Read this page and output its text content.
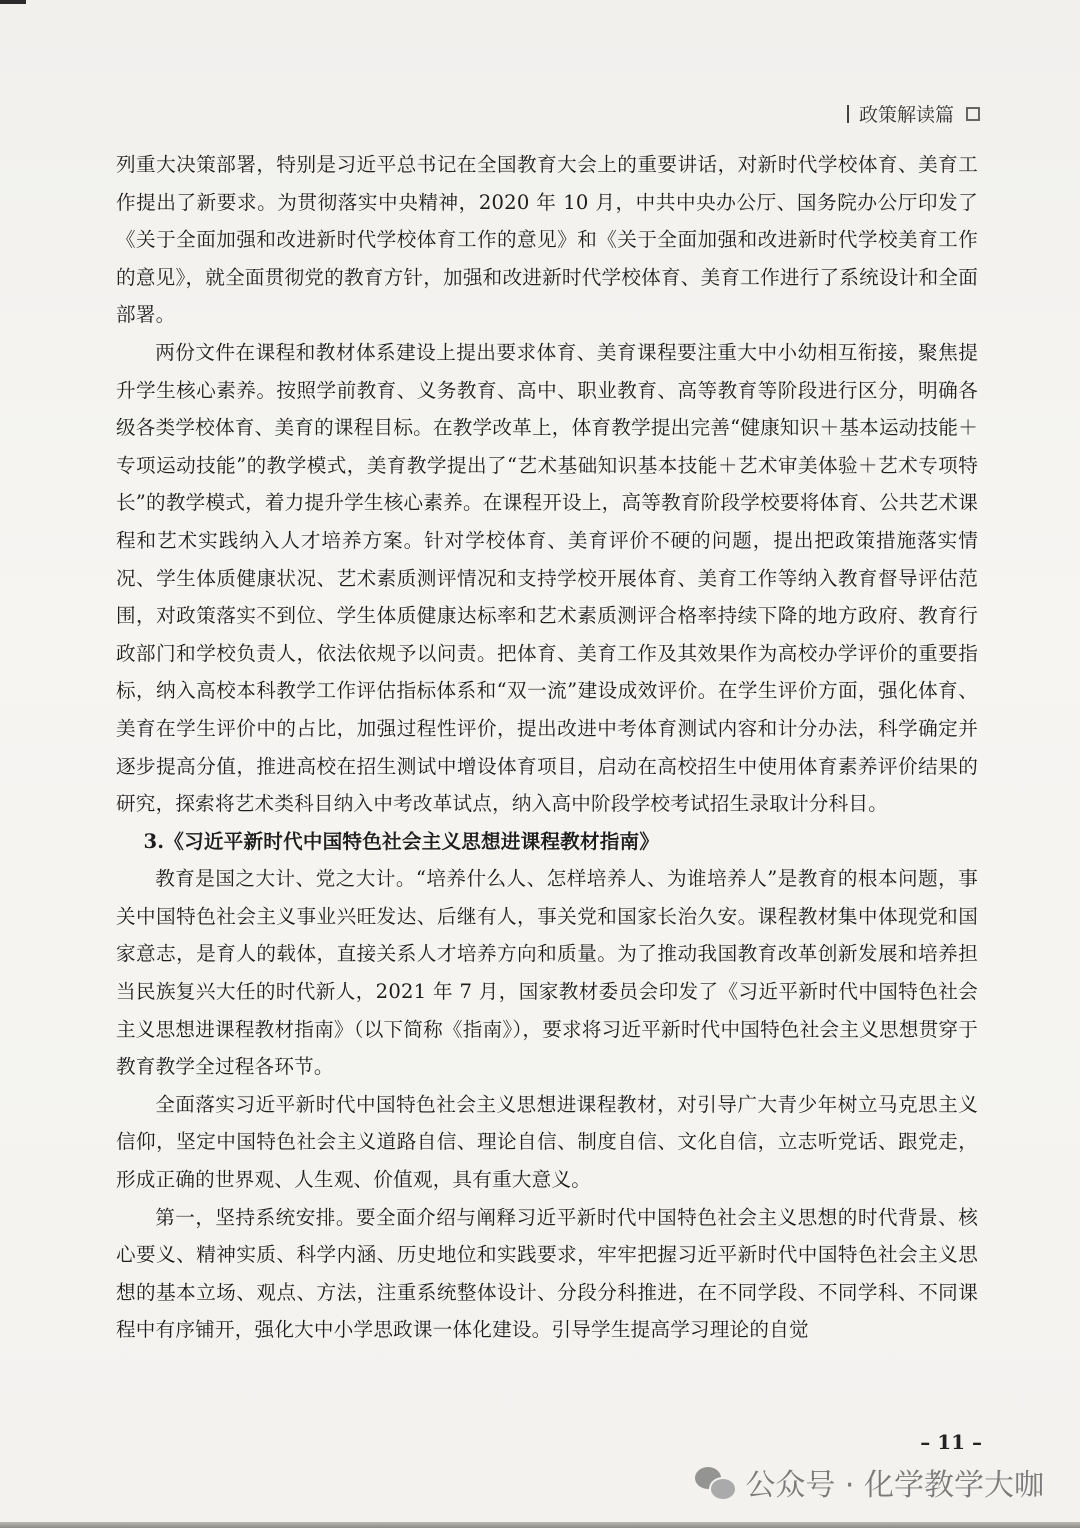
政策解读篇

列重大决策部署，特别是习近平总书记在全国教育大会上的重要讲话，对新时代学校体育、美育工作提出了新要求。为贯彻落实中央精神，2020 年 10 月，中共中央办公厅、国务院办公厅印发了《关于全面加强和改进新时代学校体育工作的意见》和《关于全面加强和改进新时代学校美育工作的意见》，就全面贯彻党的教育方针，加强和改进新时代学校体育、美育工作进行了系统设计和全面部署。

两份文件在课程和教材体系建设上提出要求体育、美育课程要注重大中小幼相互衔接，聚焦提升学生核心素养。按照学前教育、义务教育、高中、职业教育、高等教育等阶段进行区分，明确各级各类学校体育、美育的课程目标。在教学改革上，体育教学提出完善“健康知识＋基本运动技能＋专项运动技能”的教学模式，美育教学提出了“艺术基础知识基本技能＋艺术审美体验＋艺术专项特长”的教学模式，着力提升学生核心素养。在课程开设上，高等教育阶段学校要将体育、公共艺术课程和艺术实践纳入人才培养方案。针对学校体育、美育评价不硬的问题，提出把政策措施落实情况、学生体质健康状况、艺术素质测评情况和支持学校开展体育、美育工作等纳入教育督导评估范围，对政策落实不到位、学生体质健康达标率和艺术素质测评合格率持续下降的地方政府、教育行政部门和学校负责人，依法依规予以问责。把体育、美育工作及其效果作为高校办学评价的重要指标，纳入高校本科教学工作评估指标体系和“双一流”建设成效评价。在学生评价方面，强化体育、美育在学生评价中的占比，加强过程性评价，提出改进中考体育测试内容和计分办法，科学确定并逐步提高分值，推进高校在招生测试中增设体育项目，启动在高校招生中使用体育素养评价结果的研究，探索将艺术类科目纳入中考改革试点，纳入高中阶段学校考试招生录取计分科目。

3.《习近平新时代中国特色社会主义思想进课程教材指南》

教育是国之大计、党之大计。“培养什么人、怎样培养人、为谁培养人”是教育的根本问题，事关中国特色社会主义事业兴旺发达、后继有人，事关党和国家长治久安。课程教材集中体现党和国家意志，是育人的载体，直接关系人才培养方向和质量。为了推动我国教育改革创新发展和培养担当民族复兴大任的时代新人，2021 年 7 月，国家教材委员会印发了《习近平新时代中国特色社会主义思想进课程教材指南》（以下简称《指南》），要求将习近平新时代中国特色社会主义思想贯穿于教育教学全过程各环节。

全面落实习近平新时代中国特色社会主义思想进课程教材，对引导广大青少年树立马克思主义信仰，坚定中国特色社会主义道路自信、理论自信、制度自信、文化自信，立志听党话、跟党走，形成正确的世界观、人生观、价值观，具有重大意义。

第一，坚持系统安排。要全面介绍与阐释习近平新时代中国特色社会主义思想的时代背景、核心要义、精神实质、科学内涵、历史地位和实践要求，牢牢把握习近平新时代中国特色社会主义思想的基本立场、观点、方法，注重系统整体设计、分段分科推进，在不同学段、不同学科、不同课程中有序铺开，强化大中小学思政课一体化建设。引导学生提高学习理论的自觉

– 11 –
公众号 · 化学教学大咖
